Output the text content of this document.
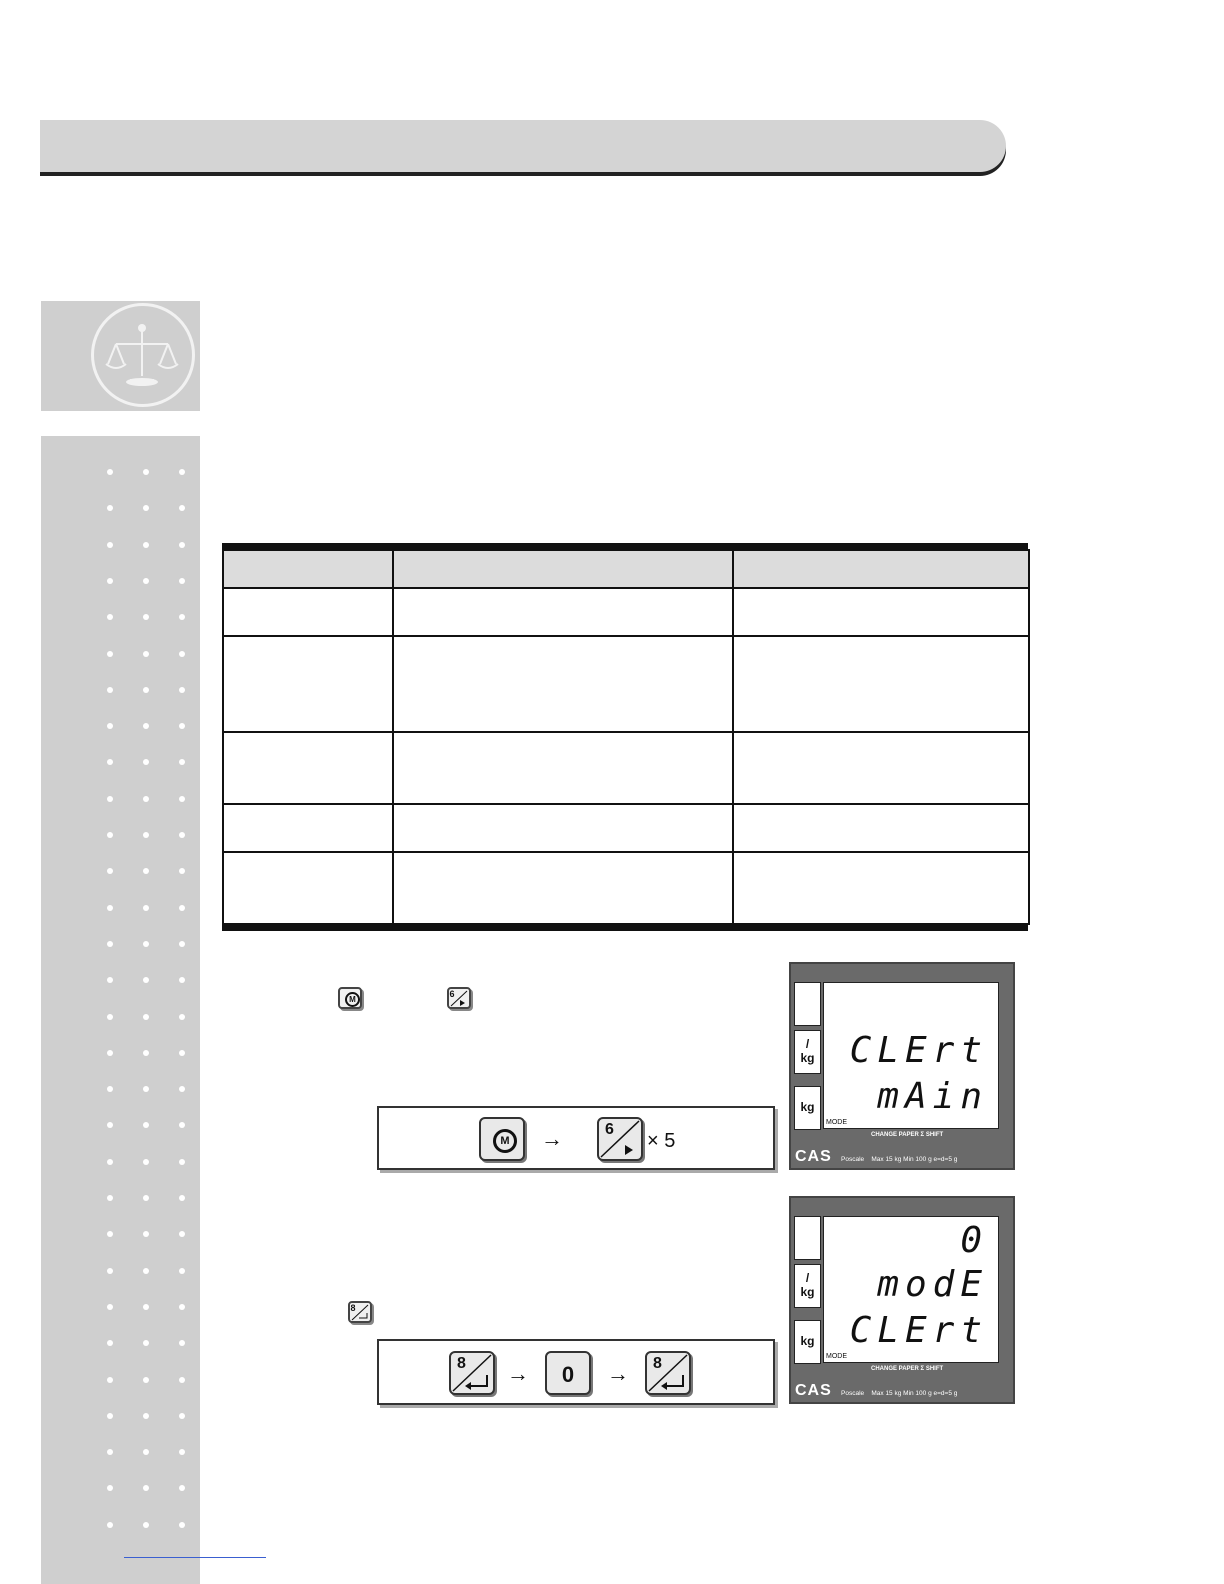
M
6
M	→	6
× 5
/
kg
kg
CLErt
mAin
MODE
CHANGE PAPER Σ SHIFT
CAS Poscale Max 15 kg Min 100 g e=d=5 g
8
8 →	0	→ 8
/
kg
kg
0
modE
CLErt
MODE
CHANGE PAPER Σ SHIFT
CAS Poscale Max 15 kg Min 100 g e=d=5 g
